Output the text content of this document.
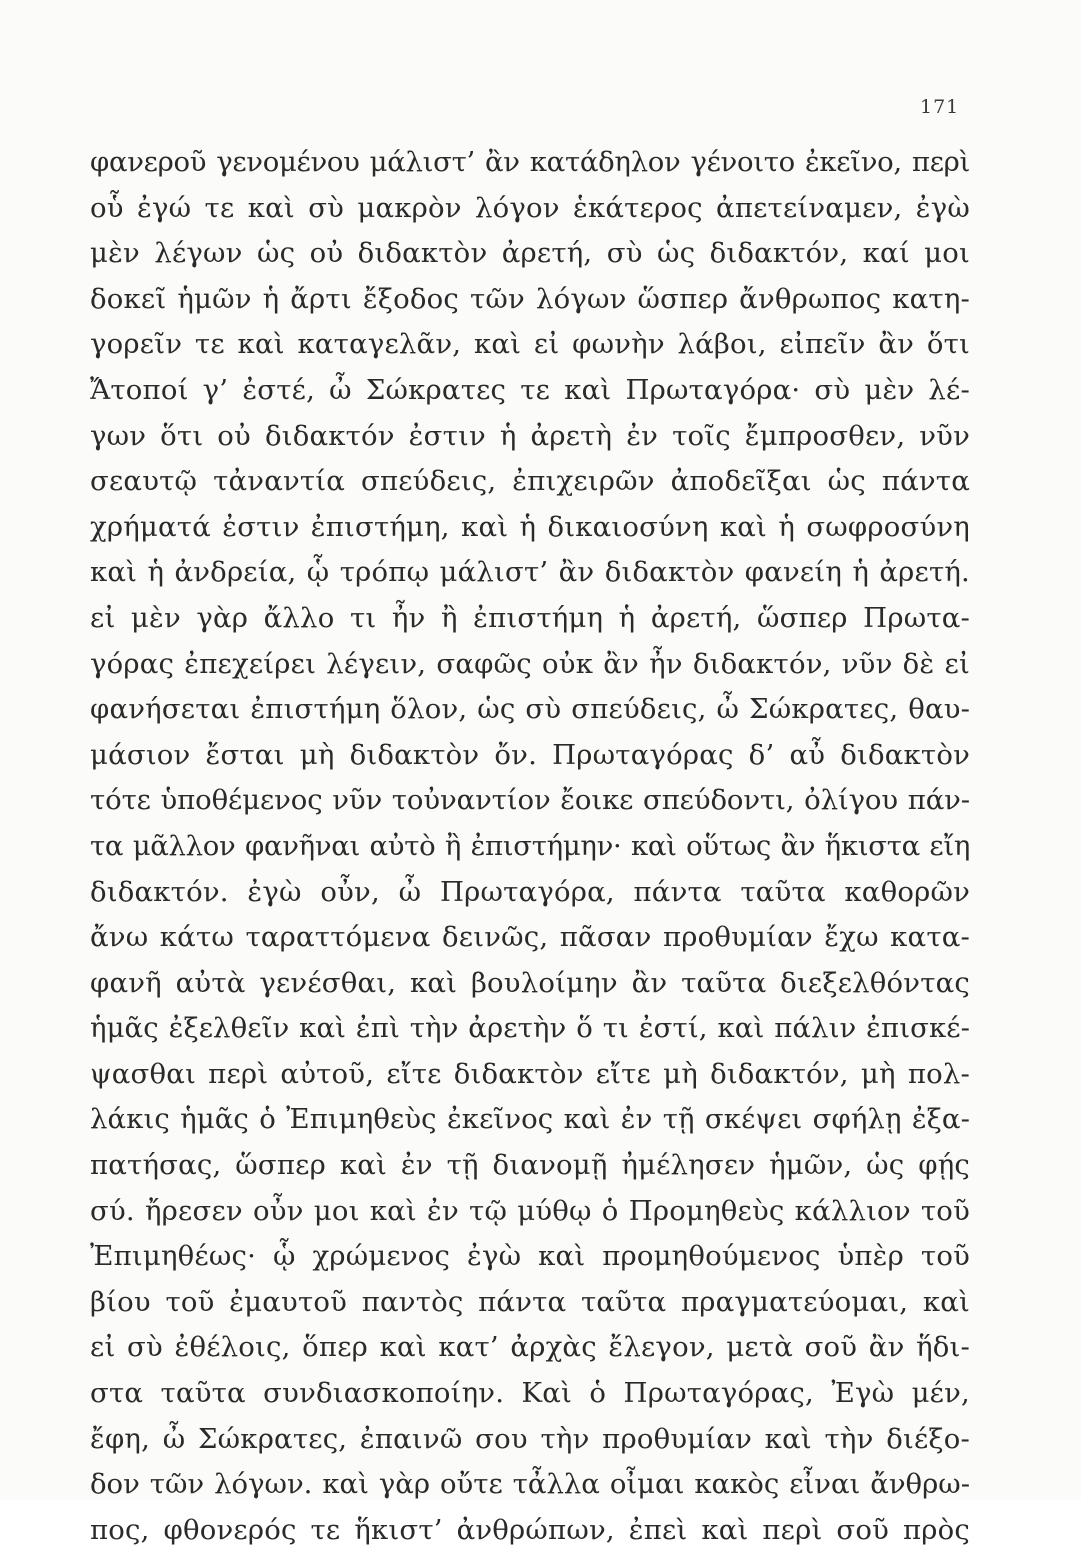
171
φανεροῦ γενομένου μάλιστ’ ἂν κατάδηλον γένοιτο ἐκεῖνο, περὶ
οὗ ἐγώ τε καὶ σὺ μακρὸν λόγον ἑκάτερος ἀπετείναμεν, ἐγὼ
μὲν λέγων ὡς οὐ διδακτὸν ἀρετή, σὺ ὡς διδακτόν, καί μοι
δοκεῖ ἡμῶν ἡ ἄρτι ἔξοδος τῶν λόγων ὥσπερ ἄνθρωπος κατη-
γορεῖν τε καὶ καταγελᾶν, καὶ εἰ φωνὴν λάβοι, εἰπεῖν ἂν ὅτι
Ἄτοποί γ’ ἐστέ, ὦ Σώκρατες τε καὶ Πρωταγόρα· σὺ μὲν λέ-
γων ὅτι οὐ διδακτόν ἐστιν ἡ ἀρετὴ ἐν τοῖς ἔμπροσθεν, νῦν
σεαυτῷ τἀναντία σπεύδεις, ἐπιχειρῶν ἀποδεῖξαι ὡς πάντα
χρήματά ἐστιν ἐπιστήμη, καὶ ἡ δικαιοσύνη καὶ ἡ σωφροσύνη
καὶ ἡ ἀνδρεία, ᾧ τρόπῳ μάλιστ’ ἂν διδακτὸν φανείη ἡ ἀρετή.
εἰ μὲν γὰρ ἄλλο τι ἦν ἢ ἐπιστήμη ἡ ἀρετή, ὥσπερ Πρωτα-
γόρας ἐπεχείρει λέγειν, σαφῶς οὐκ ἂν ἦν διδακτόν, νῦν δὲ εἰ
φανήσεται ἐπιστήμη ὅλον, ὡς σὺ σπεύδεις, ὦ Σώκρατες, θαυ-
μάσιον ἔσται μὴ διδακτὸν ὄν. Πρωταγόρας δ’ αὖ διδακτὸν
τότε ὑποθέμενος νῦν τοὐναντίον ἔοικε σπεύδοντι, ὀλίγου πάν-
τα μᾶλλον φανῆναι αὐτὸ ἢ ἐπιστήμην· καὶ οὕτως ἂν ἥκιστα εἴη
διδακτόν. ἐγὼ οὖν, ὦ Πρωταγόρα, πάντα ταῦτα καθορῶν
ἄνω κάτω ταραττόμενα δεινῶς, πᾶσαν προθυμίαν ἔχω κατα-
φανῆ αὐτὰ γενέσθαι, καὶ βουλοίμην ἂν ταῦτα διεξελθόντας
ἡμᾶς ἐξελθεῖν καὶ ἐπὶ τὴν ἀρετὴν ὅ τι ἐστί, καὶ πάλιν ἐπισκέ-
ψασθαι περὶ αὐτοῦ, εἴτε διδακτὸν εἴτε μὴ διδακτόν, μὴ πολ-
λάκις ἡμᾶς ὁ Ἐπιμηθεὺς ἐκεῖνος καὶ ἐν τῇ σκέψει σφήλῃ ἐξα-
πατήσας, ὥσπερ καὶ ἐν τῇ διανομῇ ἠμέλησεν ἡμῶν, ὡς φῄς
σύ. ἤρεσεν οὖν μοι καὶ ἐν τῷ μύθῳ ὁ Προμηθεὺς κάλλιον τοῦ
Ἐπιμηθέως· ᾧ χρώμενος ἐγὼ καὶ προμηθούμενος ὑπὲρ τοῦ
βίου τοῦ ἐμαυτοῦ παντὸς πάντα ταῦτα πραγματεύομαι, καὶ
εἰ σὺ ἐθέλοις, ὅπερ καὶ κατ’ ἀρχὰς ἔλεγον, μετὰ σοῦ ἂν ἥδι-
στα ταῦτα συνδιασκοποίην. Καὶ ὁ Πρωταγόρας, Ἐγὼ μέν,
ἔφη, ὦ Σώκρατες, ἐπαινῶ σου τὴν προθυμίαν καὶ τὴν διέξο-
δον τῶν λόγων. καὶ γὰρ οὔτε τἆλλα οἶμαι κακὸς εἶναι ἄνθρω-
πος, φθονερός τε ἥκιστ’ ἀνθρώπων, ἐπεὶ καὶ περὶ σοῦ πρὸς
